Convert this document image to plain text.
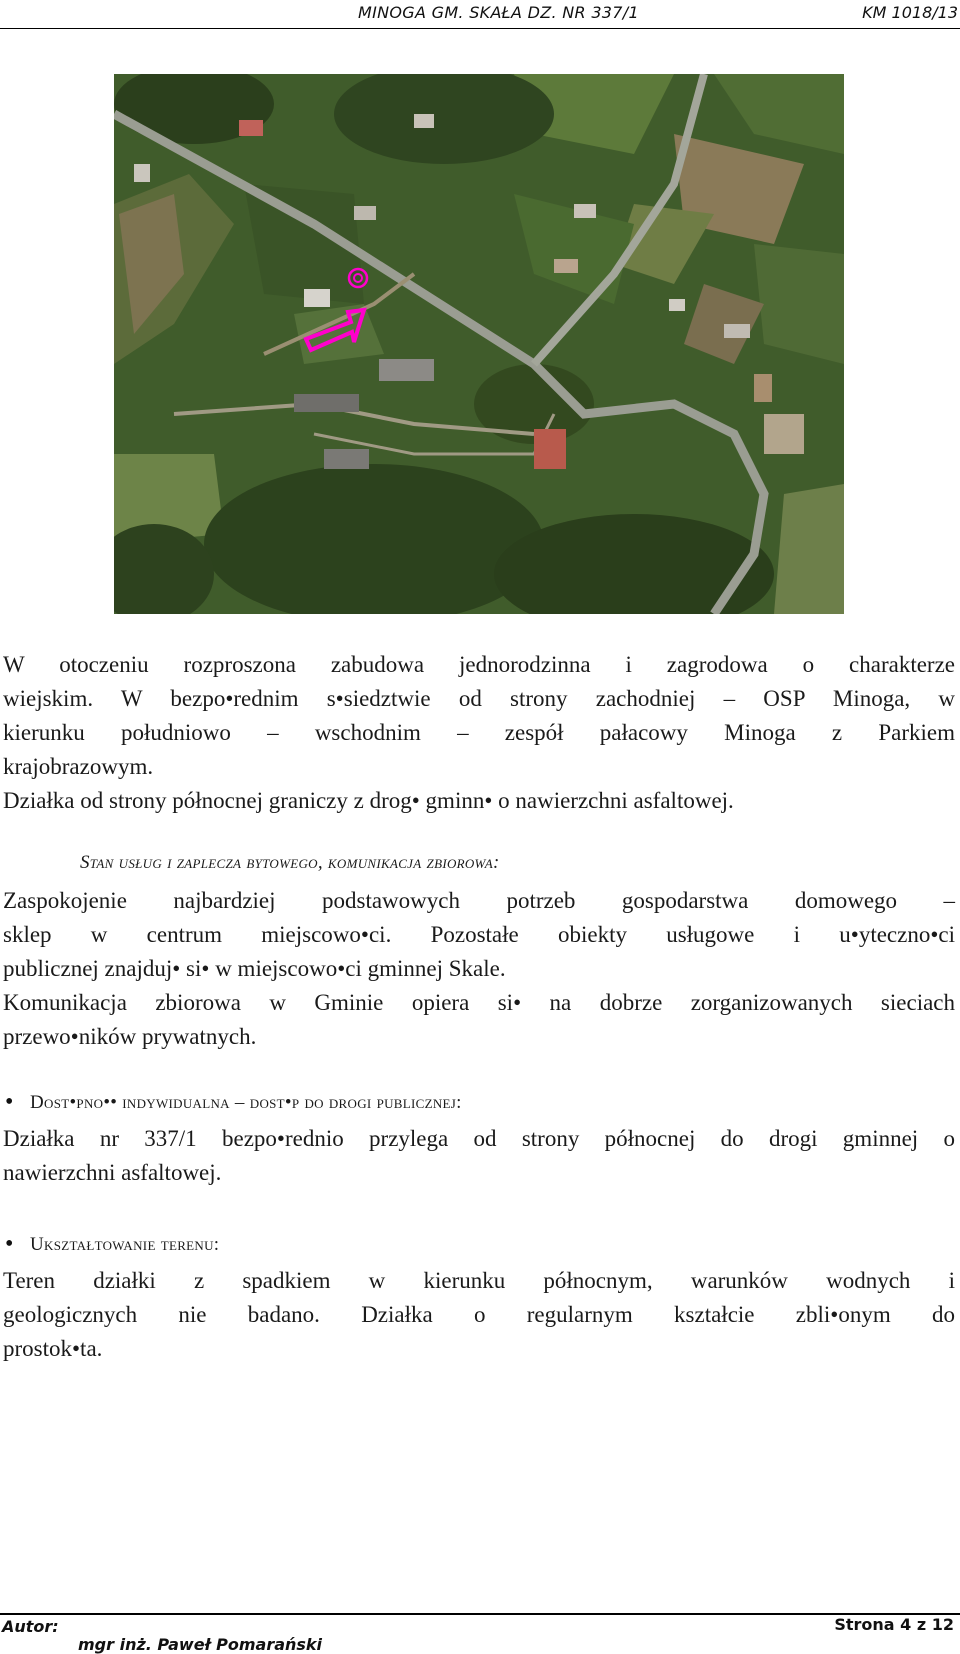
MINOGA GM. SKAŁA DZ. NR 337/1	KM 1018/13
W otoczeniu rozproszona zabudowa jednorodzinna i zagrodowa o charakterze
wiejskim. W bezpo•rednim s•siedztwie od strony zachodniej – OSP Minoga, w
kierunku południowo – wschodnim – zespół pałacowy Minoga z Parkiem
krajobrazowym.
Działka od strony północnej graniczy z drog• gminn• o nawierzchni asfaltowej.
Stan usług i zaplecza bytowego, komunikacja zbiorowa:
Zaspokojenie najbardziej podstawowych potrzeb gospodarstwa domowego –
sklep w centrum miejscowo•ci. Pozostałe obiekty usługowe i u•yteczno•ci
publicznej znajduj• si• w miejscowo•ci gminnej Skale.
Komunikacja zbiorowa w Gminie opiera si• na dobrze zorganizowanych sieciach
przewo•ników prywatnych.
• Dost•pno•• indywidualna – dost•p do drogi publicznej:
Działka nr 337/1 bezpo•rednio przylega od strony północnej do drogi gminnej o
nawierzchni asfaltowej.
• Ukształtowanie terenu:
Teren działki z spadkiem w kierunku północnym, warunków wodnych i
geologicznych nie badano. Działka o regularnym kształcie zbli•onym do
prostok•ta.
Autor:
mgr inż. Paweł Pomarański
Strona 4 z 12
